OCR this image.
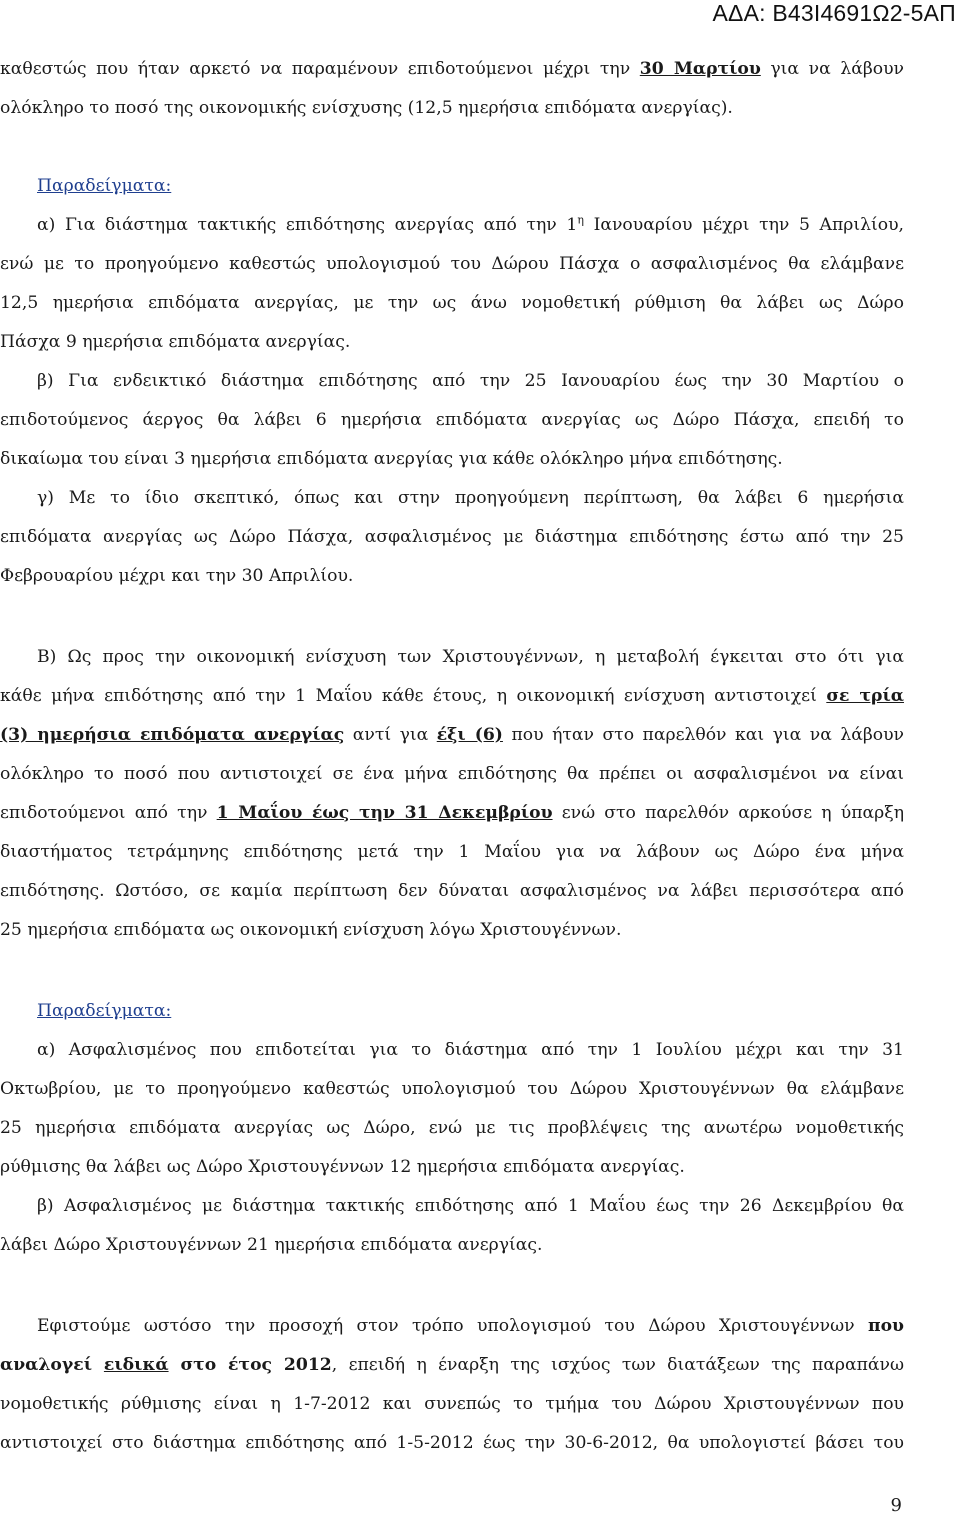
ΑΔΑ: Β43Ι4691Ω2-5ΑΠ
καθεστώς που ήταν αρκετό να παραμένουν επιδοτούμενοι μέχρι την 30 Μαρτίου για να λάβουν
ολόκληρο το ποσό της οικονομικής ενίσχυσης (12,5 ημερήσια επιδόματα ανεργίας).
Παραδείγματα:
α) Για διάστημα τακτικής επιδότησης ανεργίας από την $1^\eta$ Ιανουαρίου μέχρι την 5 Απριλίου,
ενώ με το προηγούμενο καθεστώς υπολογισμού του Δώρου Πάσχα ο ασφαλισμένος θα ελάμβανε
12,5 ημερήσια επιδόματα ανεργίας, με την ως άνω νομοθετική ρύθμιση θα λάβει ως Δώρο
Πάσχα 9 ημερήσια επιδόματα ανεργίας.
β) Για ενδεικτικό διάστημα επιδότησης από την 25 Ιανουαρίου έως την 30 Μαρτίου ο
επιδοτούμενος άεργος θα λάβει 6 ημερήσια επιδόματα ανεργίας ως Δώρο Πάσχα, επειδή το
δικαίωμα του είναι 3 ημερήσια επιδόματα ανεργίας για κάθε ολόκληρο μήνα επιδότησης.
γ) Με το ίδιο σκεπτικό, όπως και στην προηγούμενη περίπτωση, θα λάβει 6 ημερήσια
επιδόματα ανεργίας ως Δώρο Πάσχα, ασφαλισμένος με διάστημα επιδότησης έστω από την 25
Φεβρουαρίου μέχρι και την 30 Απριλίου.
Β) Ως προς την οικονομική ενίσχυση των Χριστουγέννων, η μεταβολή έγκειται στο ότι για
κάθε μήνα επιδότησης από την 1 Μαΐου κάθε έτους, η οικονομική ενίσχυση αντιστοιχεί σε τρία
(3) ημερήσια επιδόματα ανεργίας αντί για έξι (6) που ήταν στο παρελθόν και για να λάβουν
ολόκληρο το ποσό που αντιστοιχεί σε ένα μήνα επιδότησης θα πρέπει οι ασφαλισμένοι να είναι
επιδοτούμενοι από την 1 Μαΐου έως την 31 Δεκεμβρίου ενώ στο παρελθόν αρκούσε η ύπαρξη
διαστήματος τετράμηνης επιδότησης μετά την 1 Μαΐου για να λάβουν ως Δώρο ένα μήνα
επιδότησης. Ωστόσο, σε καμία περίπτωση δεν δύναται ασφαλισμένος να λάβει περισσότερα από
25 ημερήσια επιδόματα ως οικονομική ενίσχυση λόγω Χριστουγέννων.
Παραδείγματα:
α) Ασφαλισμένος που επιδοτείται για το διάστημα από την 1 Ιουλίου μέχρι και την 31
Οκτωβρίου, με το προηγούμενο καθεστώς υπολογισμού του Δώρου Χριστουγέννων θα ελάμβανε
25 ημερήσια επιδόματα ανεργίας ως Δώρο, ενώ με τις προβλέψεις της ανωτέρω νομοθετικής
ρύθμισης θα λάβει ως Δώρο Χριστουγέννων 12 ημερήσια επιδόματα ανεργίας.
β) Ασφαλισμένος με διάστημα τακτικής επιδότησης από 1 Μαΐου έως την 26 Δεκεμβρίου θα
λάβει Δώρο Χριστουγέννων 21 ημερήσια επιδόματα ανεργίας.
Εφιστούμε ωστόσο την προσοχή στον τρόπο υπολογισμού του Δώρου Χριστουγέννων που
αναλογεί ειδικά στο έτος 2012, επειδή η έναρξη της ισχύος των διατάξεων της παραπάνω
νομοθετικής ρύθμισης είναι η 1-7-2012 και συνεπώς το τμήμα του Δώρου Χριστουγέννων που
αντιστοιχεί στο διάστημα επιδότησης από 1-5-2012 έως την 30-6-2012, θα υπολογιστεί βάσει του
9
